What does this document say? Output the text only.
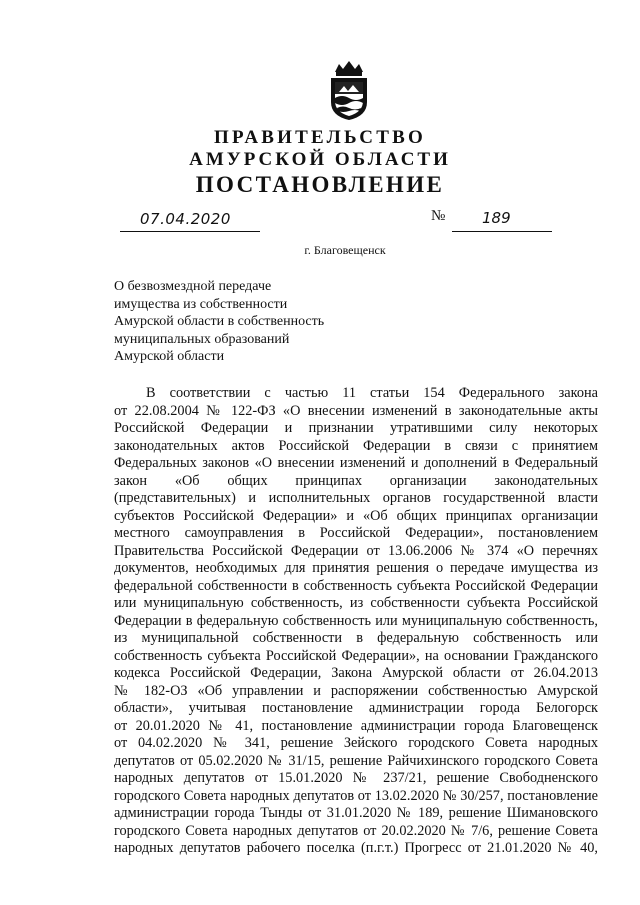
ПРАВИТЕЛЬСТВО
АМУРСКОЙ ОБЛАСТИ
ПОСТАНОВЛЕНИЕ
07.04.2020	№ 189

г. Благовещенск

О безвозмездной передаче
имущества из собственности
Амурской области в собственность
муниципальных образований
Амурской области
В соответствии с частью 11 статьи 154 Федерального закона
от 22.08.2004 № 122-ФЗ «О внесении изменений в законодательные акты
Российской Федерации и признании утратившими силу некоторых
законодательных актов Российской Федерации в связи с принятием
Федеральных законов «О внесении изменений и дополнений в Федеральный
закон «Об общих принципах организации законодательных
(представительных) и исполнительных органов государственной власти
субъектов Российской Федерации» и «Об общих принципах организации
местного самоуправления в Российской Федерации», постановлением
Правительства Российской Федерации от 13.06.2006 № 374 «О перечнях
документов, необходимых для принятия решения о передаче имущества из
федеральной собственности в собственность субъекта Российской Федерации
или муниципальную собственность, из собственности субъекта Российской
Федерации в федеральную собственность или муниципальную собственность,
из муниципальной собственности в федеральную собственность или
собственность субъекта Российской Федерации», на основании Гражданского
кодекса Российской Федерации, Закона Амурской области от 26.04.2013
№ 182-ОЗ «Об управлении и распоряжении собственностью Амурской
области», учитывая постановление администрации города Белогорск
от 20.01.2020 № 41, постановление администрации города Благовещенск
от 04.02.2020 № 341, решение Зейского городского Совета народных
депутатов от 05.02.2020 № 31/15, решение Райчихинского городского Совета
народных депутатов от 15.01.2020 № 237/21, решение Свободненского
городского Совета народных депутатов от 13.02.2020 № 30/257, постановление
администрации города Тынды от 31.01.2020 № 189, решение Шимановского
городского Совета народных депутатов от 20.02.2020 № 7/6, решение Совета
народных депутатов рабочего поселка (п.г.т.) Прогресс от 21.01.2020 № 40,
